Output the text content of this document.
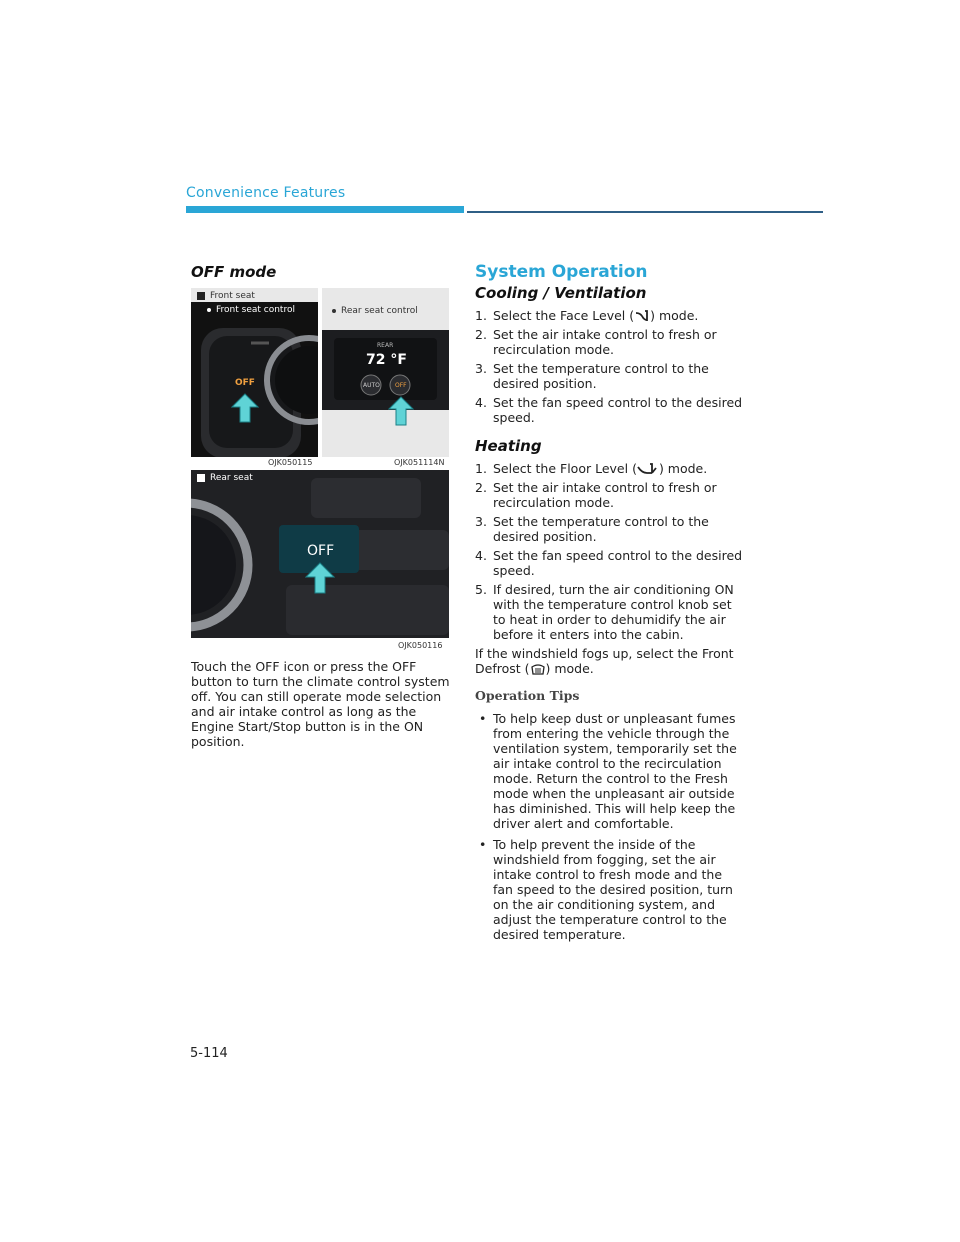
Convenience Features
OFF mode
Front seat
Front seat control
OFF
Rear seat control
REAR
72 °F
AUTO	OFF
OJK050115	OJK051114N
Rear seat
OFF
OJK050116

Touch the OFF icon or press the OFF button to turn the climate control system off. You can still operate mode selection and air intake control as long as the Engine Start/Stop button is in the ON position.

System Operation
Cooling / Ventilation
1. Select the Face Level ( ) mode.
2. Set the air intake control to fresh or recirculation mode.
3. Set the temperature control to the desired position.
4. Set the fan speed control to the desired speed.
Heating
1. Select the Floor Level ( ) mode.
2. Set the air intake control to fresh or recirculation mode.
3. Set the temperature control to the desired position.
4. Set the fan speed control to the desired speed.
5. If desired, turn the air conditioning ON with the temperature control knob set to heat in order to dehumidify the air before it enters into the cabin.

If the windshield fogs up, select the Front Defrost ( ) mode.

Operation Tips
• To help keep dust or unpleasant fumes from entering the vehicle through the ventilation system, temporarily set the air intake control to the recirculation mode. Return the control to the Fresh mode when the unpleasant air outside has diminished. This will help keep the driver alert and comfortable.
• To help prevent the inside of the windshield from fogging, set the air intake control to fresh mode and the fan speed to the desired position, turn on the air conditioning system, and adjust the temperature control to the desired temperature.
5-114
